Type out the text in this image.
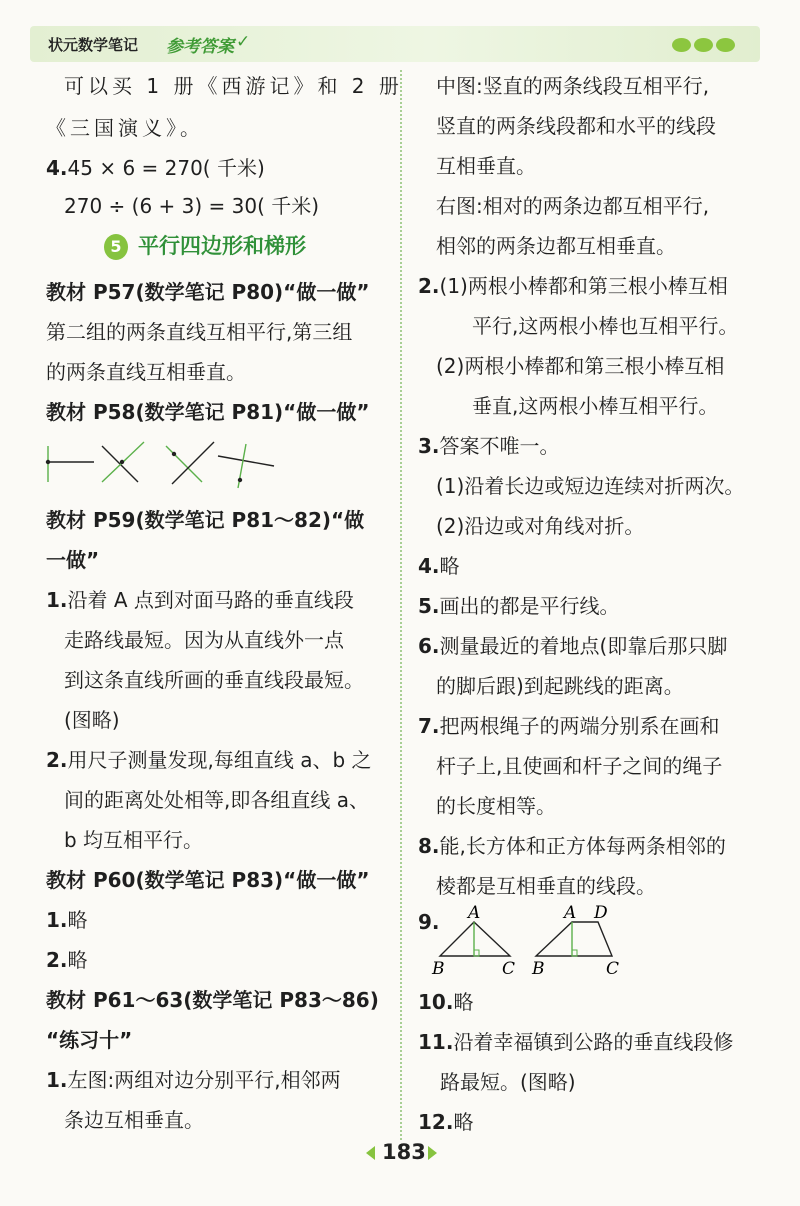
状元数学笔记 参考答案 ✓
可以买 1 册《西游记》和 2 册
《三国演义》。
4.45 × 6 = 270( 千米)
270 ÷ (6 + 3) = 30( 千米)
5 平行四边形和梯形
教材 P57(数学笔记 P80)“做一做”
第二组的两条直线互相平行,第三组
的两条直线互相垂直。
教材 P58(数学笔记 P81)“做一做”
教材 P59(数学笔记 P81～82)“做
一做”
1.沿着 A 点到对面马路的垂直线段
走路线最短。因为从直线外一点
到这条直线所画的垂直线段最短。
(图略)
2.用尺子测量发现,每组直线 a、b 之
间的距离处处相等,即各组直线 a、
b 均互相平行。
教材 P60(数学笔记 P83)“做一做”
1.略
2.略
教材 P61～63(数学笔记 P83～86)
“练习十”
1.左图:两组对边分别平行,相邻两
条边互相垂直。
中图:竖直的两条线段互相平行,
竖直的两条线段都和水平的线段
互相垂直。
右图:相对的两条边都互相平行,
相邻的两条边都互相垂直。
2.(1)两根小棒都和第三根小棒互相
平行,这两根小棒也互相平行。
(2)两根小棒都和第三根小棒互相
垂直,这两根小棒互相平行。
3.答案不唯一。
(1)沿着长边或短边连续对折两次。
(2)沿边或对角线对折。
4.略
5.画出的都是平行线。
6.测量最近的着地点(即靠后那只脚
的脚后跟)到起跳线的距离。
7.把两根绳子的两端分别系在画和
杆子上,且使画和杆子之间的绳子
的长度相等。
8.能,长方体和正方体每两条相邻的
棱都是互相垂直的线段。
9. A
B	C
A D
B	C
10.略
11.沿着幸福镇到公路的垂直线段修
路最短。(图略)
12.略
183
